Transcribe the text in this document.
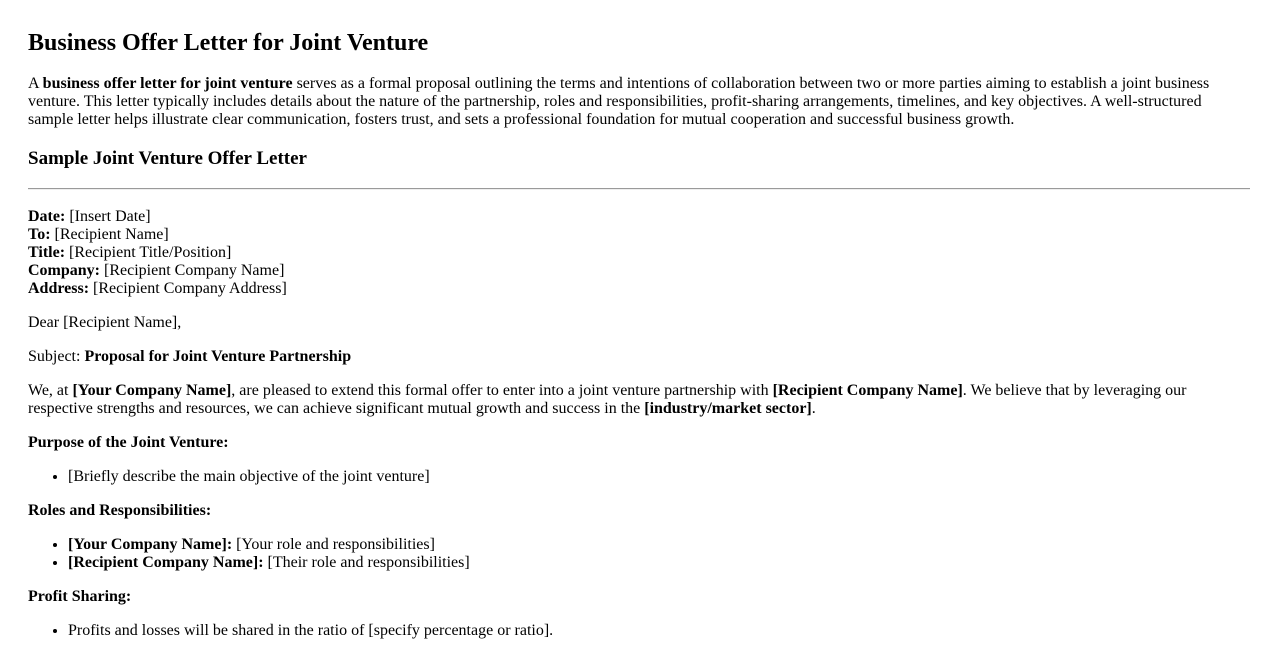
Business Offer Letter for Joint Venture
A business offer letter for joint venture serves as a formal proposal outlining the terms and intentions of collaboration between two or more parties aiming to establish a joint business venture. This letter typically includes details about the nature of the partnership, roles and responsibilities, profit-sharing arrangements, timelines, and key objectives. A well-structured sample letter helps illustrate clear communication, fosters trust, and sets a professional foundation for mutual cooperation and successful business growth.
Sample Joint Venture Offer Letter
Date: [Insert Date]
To: [Recipient Name]
Title: [Recipient Title/Position]
Company: [Recipient Company Name]
Address: [Recipient Company Address]

Dear [Recipient Name],

Subject: Proposal for Joint Venture Partnership

We, at [Your Company Name], are pleased to extend this formal offer to enter into a joint venture partnership with [Recipient Company Name]. We believe that by leveraging our respective strengths and resources, we can achieve significant mutual growth and success in the [industry/market sector].

Purpose of the Joint Venture:
• [Briefly describe the main objective of the joint venture]
Roles and Responsibilities:
• [Your Company Name]: [Your role and responsibilities]
• [Recipient Company Name]: [Their role and responsibilities]
Profit Sharing:
• Profits and losses will be shared in the ratio of [specify percentage or ratio].
